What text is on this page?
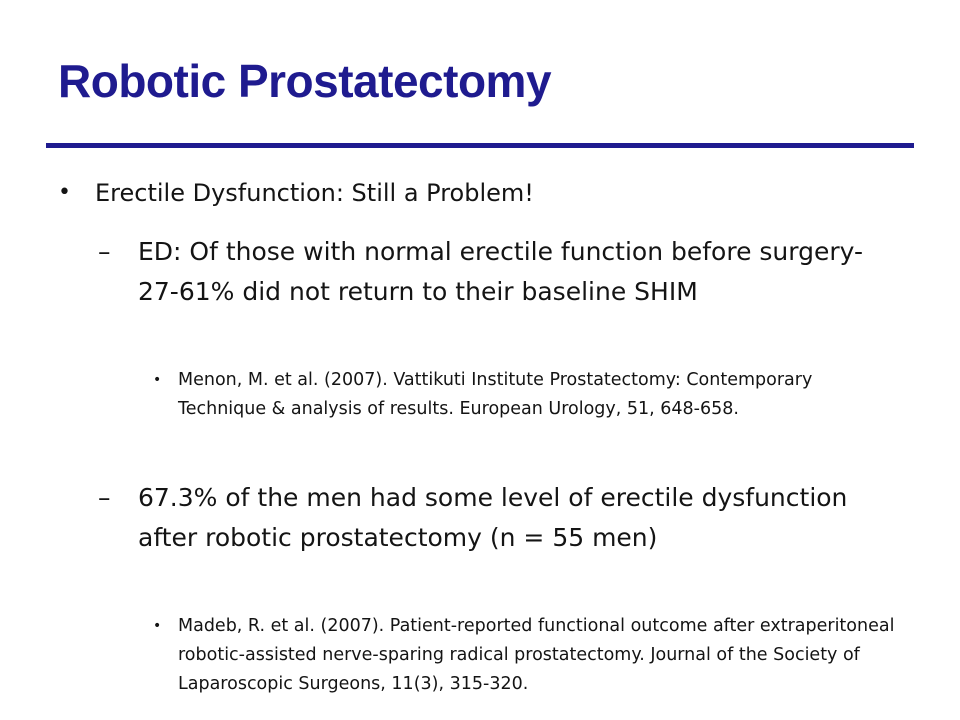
Robotic Prostatectomy
•	Erectile Dysfunction: Still a Problem!
–	ED: Of those with normal erectile function before surgery-27-61% did not return to their baseline SHIM
• Menon, M. et al. (2007). Vattikuti Institute Prostatectomy: Contemporary Technique & analysis of results. European Urology, 51, 648-658.
–	67.3% of the men had some level of erectile dysfunction after robotic prostatectomy (n = 55 men)
• Madeb, R. et al. (2007). Patient-reported functional outcome after extraperitoneal robotic-assisted nerve-sparing radical prostatectomy. Journal of the Society of Laparoscopic Surgeons, 11(3), 315-320.
